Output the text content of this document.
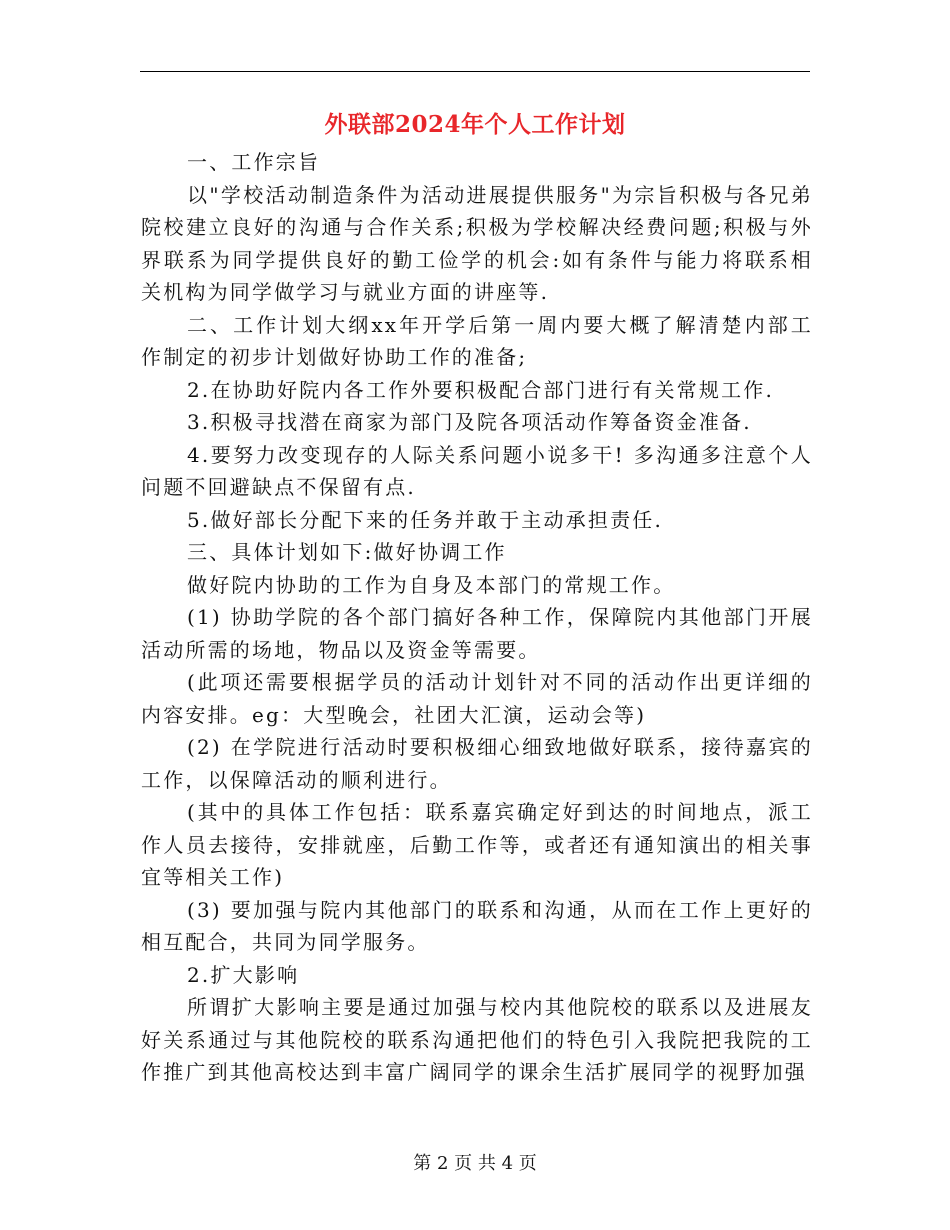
外联部2024年个人工作计划

一、工作宗旨

以"学校活动制造条件为活动进展提供服务"为宗旨积极与各兄弟院校建立良好的沟通与合作关系;积极为学校解决经费问题;积极与外界联系为同学提供良好的勤工俭学的机会:如有条件与能力将联系相关机构为同学做学习与就业方面的讲座等.

二、工作计划大纲xx年开学后第一周内要大概了解清楚内部工作制定的初步计划做好协助工作的准备;

2.在协助好院内各工作外要积极配合部门进行有关常规工作.

3.积极寻找潜在商家为部门及院各项活动作筹备资金准备.

4.要努力改变现存的人际关系问题小说多干! 多沟通多注意个人问题不回避缺点不保留有点.

5.做好部长分配下来的任务并敢于主动承担责任.

三、具体计划如下:做好协调工作

做好院内协助的工作为自身及本部门的常规工作。

(1) 协助学院的各个部门搞好各种工作，保障院内其他部门开展活动所需的场地，物品以及资金等需要。

(此项还需要根据学员的活动计划针对不同的活动作出更详细的内容安排。eg：大型晚会，社团大汇演，运动会等)

(2) 在学院进行活动时要积极细心细致地做好联系，接待嘉宾的工作，以保障活动的顺利进行。

(其中的具体工作包括：联系嘉宾确定好到达的时间地点，派工作人员去接待，安排就座，后勤工作等，或者还有通知演出的相关事宜等相关工作)

(3) 要加强与院内其他部门的联系和沟通，从而在工作上更好的相互配合，共同为同学服务。

2.扩大影响

所谓扩大影响主要是通过加强与校内其他院校的联系以及进展友好关系通过与其他院校的联系沟通把他们的特色引入我院把我院的工作推广到其他高校达到丰富广阔同学的课余生活扩展同学的视野加强

第 2 页 共 4 页
